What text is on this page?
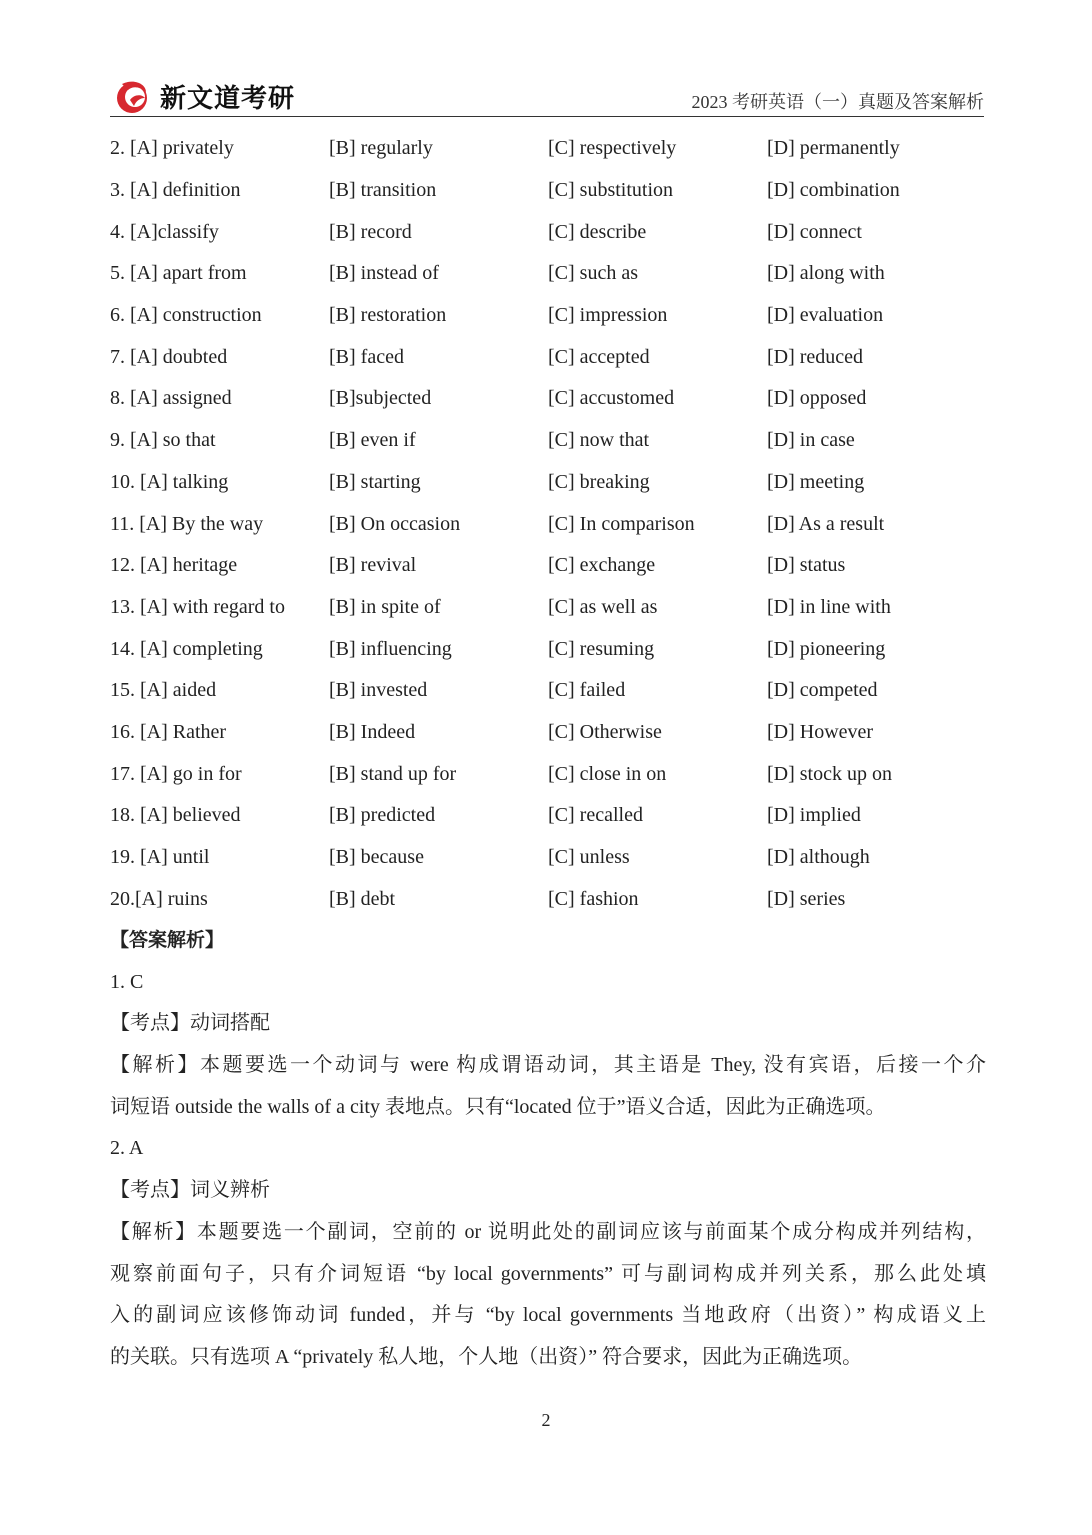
新文道考研	2023 考研英语（一）真题及答案解析
2. [A] privately	[B] regularly	[C] respectively	[D] permanently
3. [A] definition	[B] transition	[C] substitution	[D] combination
4. [A]classify	[B] record	[C] describe	[D] connect
5. [A] apart from	[B] instead of	[C] such as	[D] along with
6. [A] construction	[B] restoration	[C] impression	[D] evaluation
7. [A] doubted	[B] faced	[C] accepted	[D] reduced
8. [A] assigned	[B]subjected	[C] accustomed	[D] opposed
9. [A] so that	[B] even if	[C] now that	[D] in case
10. [A] talking	[B] starting	[C] breaking	[D] meeting
11. [A] By the way	[B] On occasion	[C] In comparison	[D] As a result
12. [A] heritage	[B] revival	[C] exchange	[D] status
13. [A] with regard to	[B] in spite of	[C] as well as	[D] in line with
14. [A] completing	[B] influencing	[C] resuming	[D] pioneering
15. [A] aided	[B] invested	[C] failed	[D] competed
16. [A] Rather	[B] Indeed	[C] Otherwise	[D] However
17. [A] go in for	[B] stand up for	[C] close in on	[D] stock up on
18. [A] believed	[B] predicted	[C] recalled	[D] implied
19. [A] until	[B] because	[C] unless	[D] although
20.[A] ruins	[B] debt	[C] fashion	[D] series
【答案解析】
1. C
【考点】动词搭配
【解析】本题要选一个动词与 were 构成谓语动词，其主语是 They, 没有宾语，后接一个介
词短语 outside the walls of a city 表地点。只有“located 位于”语义合适，因此为正确选项。
2. A
【考点】词义辨析
【解析】本题要选一个副词，空前的 or 说明此处的副词应该与前面某个成分构成并列结构，
观察前面句子，只有介词短语 “by local governments” 可与副词构成并列关系，那么此处填
入的副词应该修饰动词 funded，并与 “by local governments 当地政府（出资）” 构成语义上
的关联。只有选项 A “privately 私人地，个人地（出资）” 符合要求，因此为正确选项。
2
